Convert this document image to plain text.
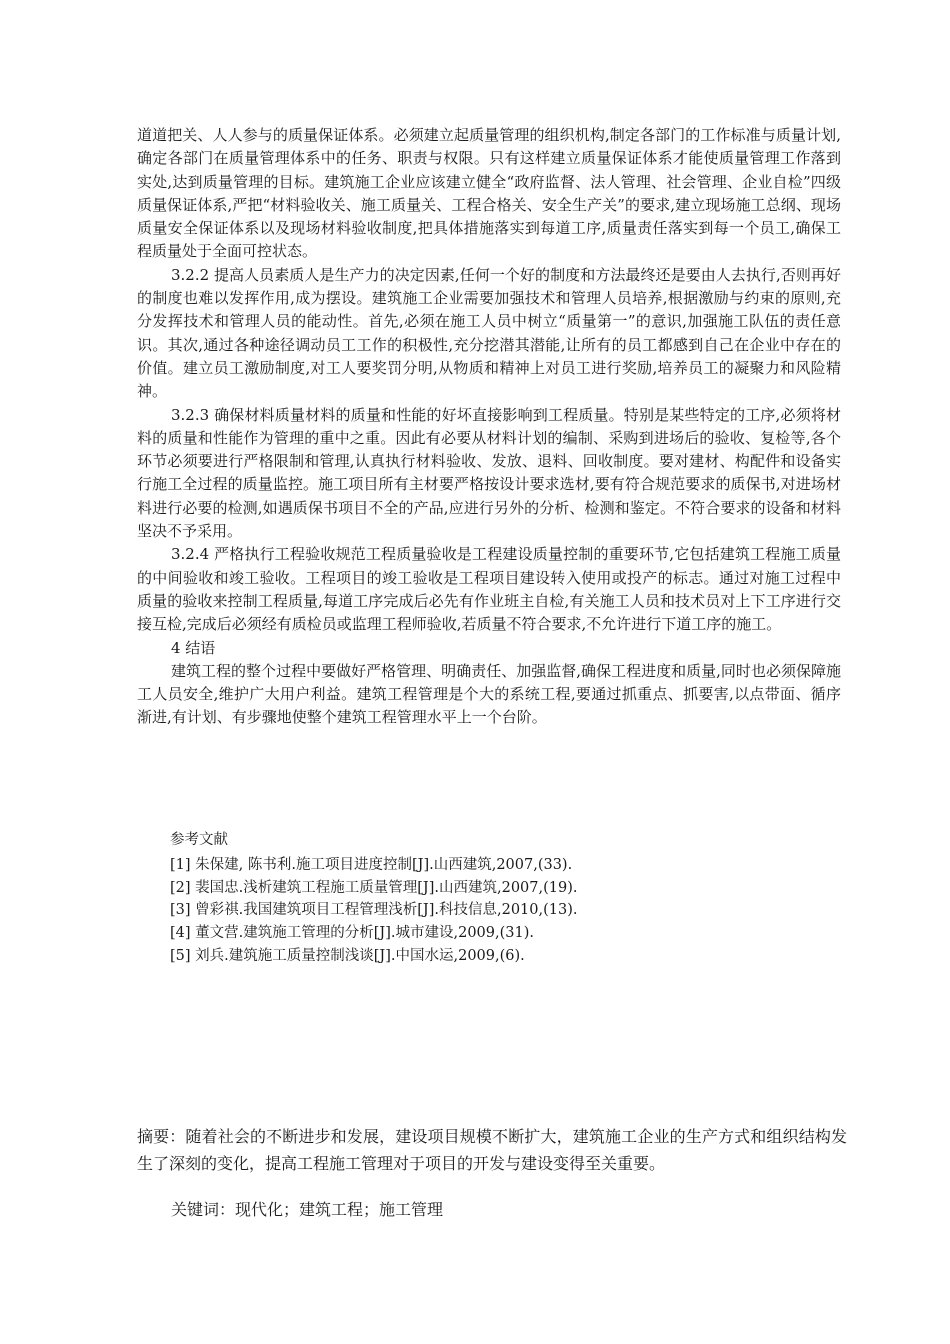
道道把关、人人参与的质量保证体系。必须建立起质量管理的组织机构,制定各部门的工作标准与质量计划,确定各部门在质量管理体系中的任务、职责与权限。只有这样建立质量保证体系才能使质量管理工作落到实处,达到质量管理的目标。建筑施工企业应该建立健全“政府监督、法人管理、社会管理、企业自检”四级质量保证体系,严把“材料验收关、施工质量关、工程合格关、安全生产关”的要求,建立现场施工总纲、现场质量安全保证体系以及现场材料验收制度,把具体措施落实到每道工序,质量责任落实到每一个员工,确保工程质量处于全面可控状态。

3.2.2 提高人员素质人是生产力的决定因素,任何一个好的制度和方法最终还是要由人去执行,否则再好的制度也难以发挥作用,成为摆设。建筑施工企业需要加强技术和管理人员培养,根据激励与约束的原则,充分发挥技术和管理人员的能动性。首先,必须在施工人员中树立“质量第一”的意识,加强施工队伍的责任意识。其次,通过各种途径调动员工工作的积极性,充分挖潜其潜能,让所有的员工都感到自己在企业中存在的价值。建立员工激励制度,对工人要奖罚分明,从物质和精神上对员工进行奖励,培养员工的凝聚力和风险精神。

3.2.3 确保材料质量材料的质量和性能的好坏直接影响到工程质量。特别是某些特定的工序,必须将材料的质量和性能作为管理的重中之重。因此有必要从材料计划的编制、采购到进场后的验收、复检等,各个环节必须要进行严格限制和管理,认真执行材料验收、发放、退料、回收制度。要对建材、构配件和设备实行施工全过程的质量监控。施工项目所有主材要严格按设计要求选材,要有符合规范要求的质保书,对进场材料进行必要的检测,如遇质保书项目不全的产品,应进行另外的分析、检测和鉴定。不符合要求的设备和材料坚决不予采用。

3.2.4 严格执行工程验收规范工程质量验收是工程建设质量控制的重要环节,它包括建筑工程施工质量的中间验收和竣工验收。工程项目的竣工验收是工程项目建设转入使用或投产的标志。通过对施工过程中质量的验收来控制工程质量,每道工序完成后必先有作业班主自检,有关施工人员和技术员对上下工序进行交接互检,完成后必须经有质检员或监理工程师验收,若质量不符合要求,不允许进行下道工序的施工。

4 结语

建筑工程的整个过程中要做好严格管理、明确责任、加强监督,确保工程进度和质量,同时也必须保障施工人员安全,维护广大用户利益。建筑工程管理是个大的系统工程,要通过抓重点、抓要害,以点带面、循序渐进,有计划、有步骤地使整个建筑工程管理水平上一个台阶。

参考文献

[1] 朱保建, 陈书利.施工项目进度控制[J].山西建筑,2007,(33).
[2] 裴国忠.浅析建筑工程施工质量管理[J].山西建筑,2007,(19).
[3] 曾彩祺.我国建筑项目工程管理浅析[J].科技信息,2010,(13).
[4] 董文营.建筑施工管理的分析[J].城市建设,2009,(31).
[5] 刘兵.建筑施工质量控制浅谈[J].中国水运,2009,(6).

摘要：随着社会的不断进步和发展，建设项目规模不断扩大，建筑施工企业的生产方式和组织结构发生了深刻的变化，提高工程施工管理对于项目的开发与建设变得至关重要。

关键词：现代化；建筑工程；施工管理
